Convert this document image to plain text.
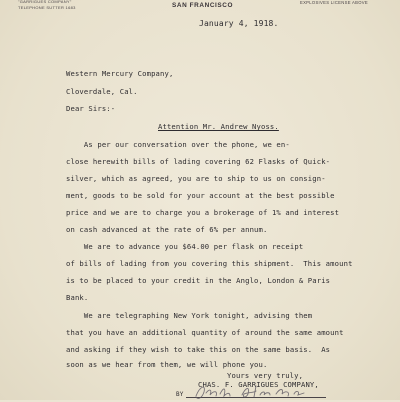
"GARRIGUES COMPANY"
TELEPHONE SUTTER 1683	SAN FRANCISCO	EXPLOSIVES LICENSE ABOVE
January 4, 1918.
Western Mercury Company,
Cloverdale, Cal.
Dear Sirs:-
Attention Mr. Andrew Nyoss.
As per our conversation over the phone, we en-
close herewith bills of lading covering 62 Flasks of Quick-
silver, which as agreed, you are to ship to us on consign-
ment, goods to be sold for your account at the best possible
price and we are to charge you a brokerage of 1% and interest
on cash advanced at the rate of 6% per annum.
We are to advance you $64.00 per flask on receipt
of bills of lading from you covering this shipment.  This amount
is to be placed to your credit in the Anglo, London & Paris
Bank.
We are telegraphing New York tonight, advising them
that you have an additional quantity of around the same amount
and asking if they wish to take this on the same basis.  As
soon as we hear from them, we will phone you.
Yours very truly,
CHAS. F. GARRIGUES COMPANY,
BY
